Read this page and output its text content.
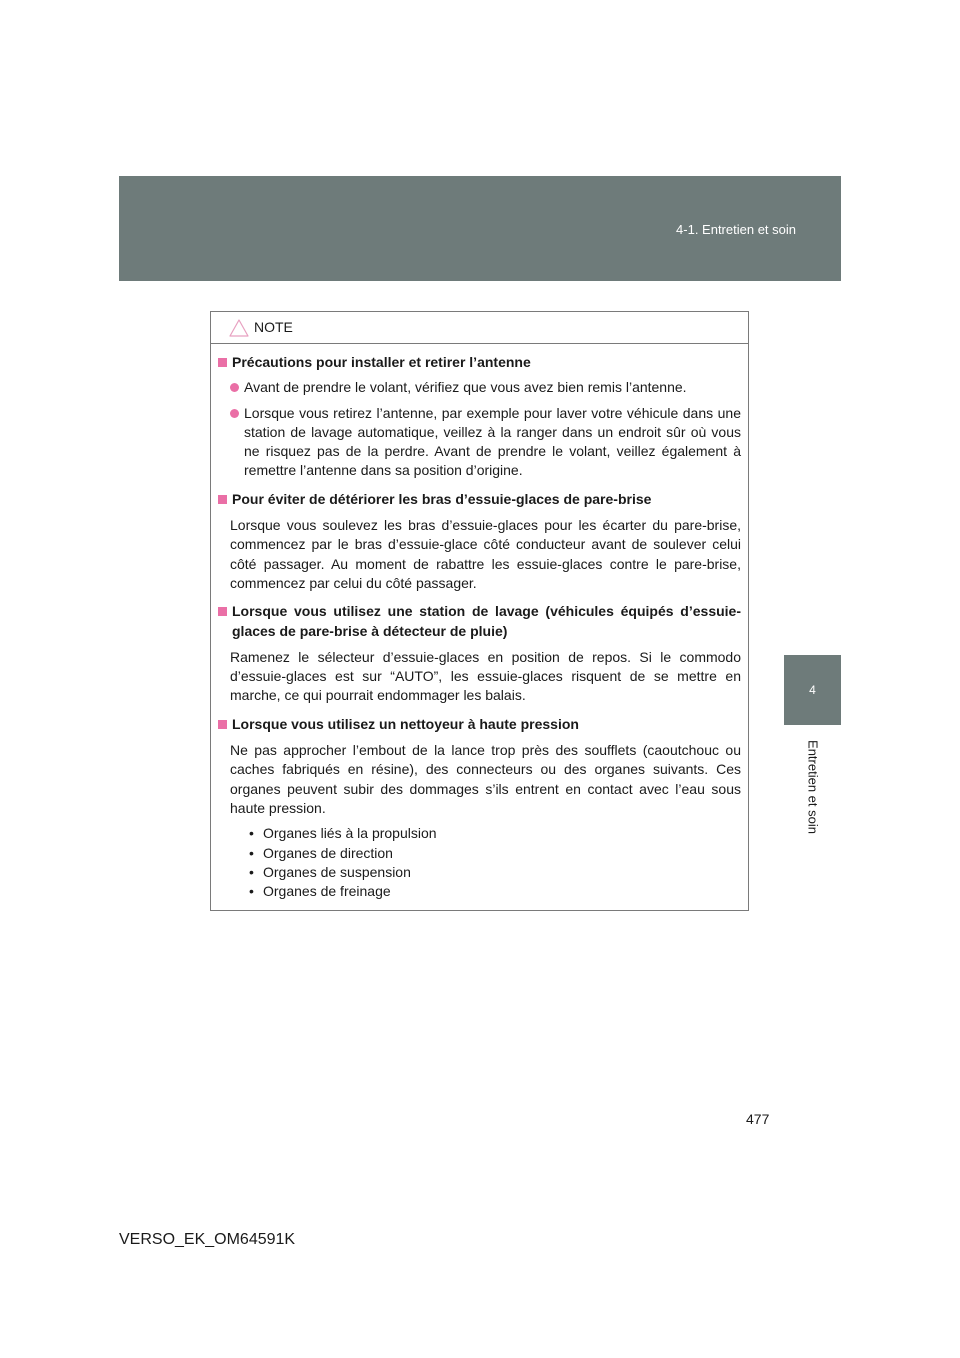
4-1. Entretien et soin
4
Entretien et soin
NOTE
Précautions pour installer et retirer l’antenne
Avant de prendre le volant, vérifiez que vous avez bien remis l’antenne.
Lorsque vous retirez l’antenne, par exemple pour laver votre véhicule dans une station de lavage automatique, veillez à la ranger dans un endroit sûr où vous ne risquez pas de la perdre. Avant de prendre le volant, veillez également à remettre l’antenne dans sa position d’origine.
Pour éviter de détériorer les bras d’essuie-glaces de pare-brise
Lorsque vous soulevez les bras d’essuie-glaces pour les écarter du pare-brise, commencez par le bras d’essuie-glace côté conducteur avant de soulever celui côté passager. Au moment de rabattre les essuie-glaces contre le pare-brise, commencez par celui du côté passager.
Lorsque vous utilisez une station de lavage (véhicules équipés d’essuie-glaces de pare-brise à détecteur de pluie)
Ramenez le sélecteur d’essuie-glaces en position de repos. Si le commodo d’essuie-glaces est sur “AUTO”, les essuie-glaces risquent de se mettre en marche, ce qui pourrait endommager les balais.
Lorsque vous utilisez un nettoyeur à haute pression
Ne pas approcher l’embout de la lance trop près des soufflets (caoutchouc ou caches fabriqués en résine), des connecteurs ou des organes suivants. Ces organes peuvent subir des dommages s’ils entrent en contact avec l’eau sous haute pression.
• Organes liés à la propulsion
• Organes de direction
• Organes de suspension
• Organes de freinage
477
VERSO_EK_OM64591K
